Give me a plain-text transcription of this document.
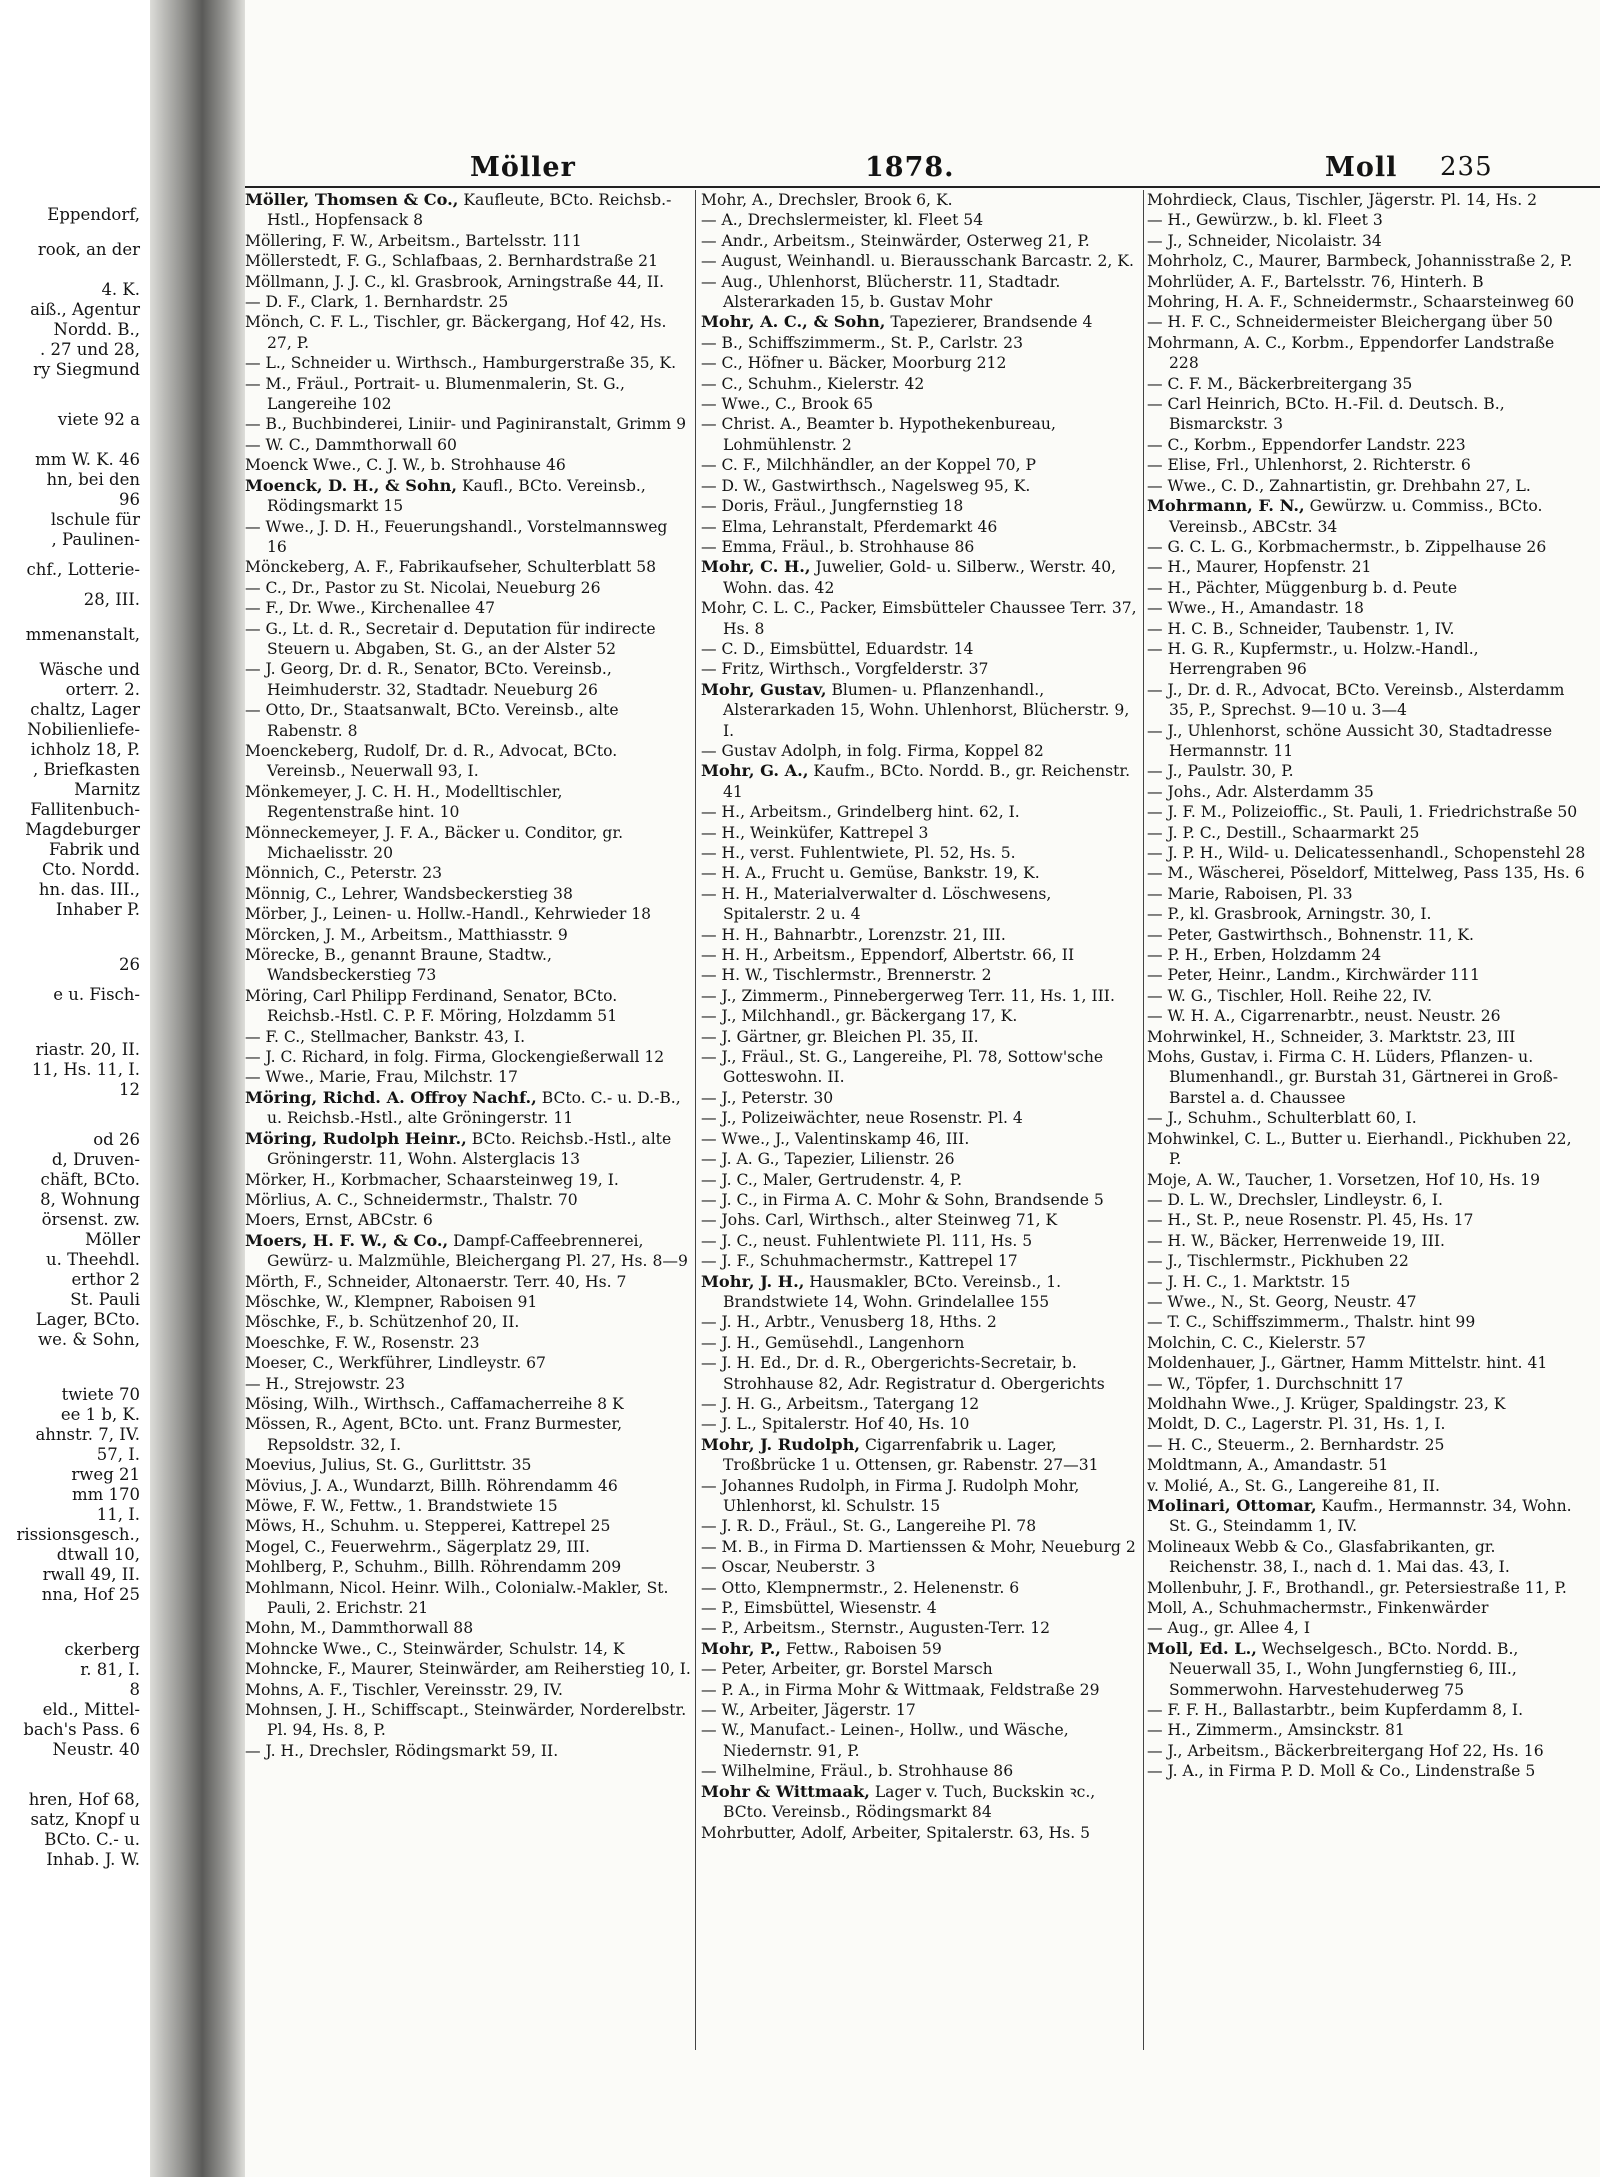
Eppendorf,
rook, an der
4. K.
aiß., Agentur
Nordd. B.,
. 27 und 28,
ry Siegmund
viete 92 a
mm W. K. 46
hn, bei den
96
lschule für
, Paulinen-
chf., Lotterie-
28, III.
mmenanstalt,
Wäsche und
orterr. 2.
chaltz, Lager
Nobilienliefe-
ichholz 18, P.
, Briefkasten
Marnitz
Fallitenbuch-
Magdeburger
Fabrik und
Cto. Nordd.
hn. das. III.,
Inhaber P.
26
e u. Fisch-
riastr. 20, II.
11, Hs. 11, I.
12
od 26
d, Druven-
chäft, BCto.
8, Wohnung
örsenst. zw.
Möller
u. Theehdl.
erthor 2
St. Pauli
Lager, BCto.
we. & Sohn,
twiete 70
ee 1 b, K.
ahnstr. 7, IV.
57, I.
rweg 21
mm 170
11, I.
rissionsgesch.,
dtwall 10,
rwall 49, II.
nna, Hof 25
ckerberg
r. 81, I.
8
eld., Mittel-
bach's Pass. 6
Neustr. 40
hren, Hof 68,
satz, Knopf u
BCto. C.- u.
Inhab. J. W.
Möller	1878.	Moll 235

Möller, Thomsen & Co., Kaufleute, BCto. Reichsb.-Hstl., Hopfensack 8

Möllering, F. W., Arbeitsm., Bartelsstr. 111

Möllerstedt, F. G., Schlafbaas, 2. Bernhardstraße 21

Möllmann, J. J. C., kl. Grasbrook, Arningstraße 44, II.

— D. F., Clark, 1. Bernhardstr. 25

Mönch, C. F. L., Tischler, gr. Bäckergang, Hof 42, Hs. 27, P.

— L., Schneider u. Wirthsch., Hamburgerstraße 35, K.

— M., Fräul., Portrait- u. Blumenmalerin, St. G., Langereihe 102

— B., Buchbinderei, Liniir- und Paginiranstalt, Grimm 9

— W. C., Dammthorwall 60

Moenck Wwe., C. J. W., b. Strohhause 46

Moenck, D. H., & Sohn, Kaufl., BCto. Vereinsb., Rödingsmarkt 15

— Wwe., J. D. H., Feuerungshandl., Vorstelmannsweg 16

Mönckeberg, A. F., Fabrikaufseher, Schulterblatt 58

— C., Dr., Pastor zu St. Nicolai, Neueburg 26

— F., Dr. Wwe., Kirchenallee 47

— G., Lt. d. R., Secretair d. Deputation für indirecte Steuern u. Abgaben, St. G., an der Alster 52

— J. Georg, Dr. d. R., Senator, BCto. Vereinsb., Heimhuderstr. 32, Stadtadr. Neueburg 26

— Otto, Dr., Staatsanwalt, BCto. Vereinsb., alte Rabenstr. 8

Moenckeberg, Rudolf, Dr. d. R., Advocat, BCto. Vereinsb., Neuerwall 93, I.

Mönkemeyer, J. C. H. H., Modelltischler, Regentenstraße hint. 10

Mönneckemeyer, J. F. A., Bäcker u. Conditor, gr. Michaelisstr. 20

Mönnich, C., Peterstr. 23

Mönnig, C., Lehrer, Wandsbeckerstieg 38

Mörber, J., Leinen- u. Hollw.-Handl., Kehrwieder 18

Mörcken, J. M., Arbeitsm., Matthiasstr. 9

Mörecke, B., genannt Braune, Stadtw., Wandsbeckerstieg 73

Möring, Carl Philipp Ferdinand, Senator, BCto. Reichsb.-Hstl. C. P. F. Möring, Holzdamm 51

— F. C., Stellmacher, Bankstr. 43, I.

— J. C. Richard, in folg. Firma, Glockengießerwall 12

— Wwe., Marie, Frau, Milchstr. 17

Möring, Richd. A. Offroy Nachf., BCto. C.- u. D.-B., u. Reichsb.-Hstl., alte Gröningerstr. 11

Möring, Rudolph Heinr., BCto. Reichsb.-Hstl., alte Gröningerstr. 11, Wohn. Alsterglacis 13

Mörker, H., Korbmacher, Schaarsteinweg 19, I.

Mörlius, A. C., Schneidermstr., Thalstr. 70

Moers, Ernst, ABCstr. 6

Moers, H. F. W., & Co., Dampf-Caffeebrennerei, Gewürz- u. Malzmühle, Bleichergang Pl. 27, Hs. 8—9

Mörth, F., Schneider, Altonaerstr. Terr. 40, Hs. 7

Möschke, W., Klempner, Raboisen 91

Möschke, F., b. Schützenhof 20, II.

Moeschke, F. W., Rosenstr. 23

Moeser, C., Werkführer, Lindleystr. 67

— H., Strejowstr. 23

Mösing, Wilh., Wirthsch., Caffamacherreihe 8 K

Mössen, R., Agent, BCto. unt. Franz Burmester, Repsoldstr. 32, I.

Moevius, Julius, St. G., Gurlittstr. 35

Mövius, J. A., Wundarzt, Billh. Röhrendamm 46

Möwe, F. W., Fettw., 1. Brandstwiete 15

Möws, H., Schuhm. u. Stepperei, Kattrepel 25

Mogel, C., Feuerwehrm., Sägerplatz 29, III.

Mohlberg, P., Schuhm., Billh. Röhrendamm 209

Mohlmann, Nicol. Heinr. Wilh., Colonialw.-Makler, St. Pauli, 2. Erichstr. 21

Mohn, M., Dammthorwall 88

Mohncke Wwe., C., Steinwärder, Schulstr. 14, K

Mohncke, F., Maurer, Steinwärder, am Reiherstieg 10, I.

Mohns, A. F., Tischler, Vereinsstr. 29, IV.

Mohnsen, J. H., Schiffscapt., Steinwärder, Norderelbstr. Pl. 94, Hs. 8, P.

— J. H., Drechsler, Rödingsmarkt 59, II.

Mohr, A., Drechsler, Brook 6, K.

— A., Drechslermeister, kl. Fleet 54

— Andr., Arbeitsm., Steinwärder, Osterweg 21, P.

— August, Weinhandl. u. Bierausschank Barcastr. 2, K.

— Aug., Uhlenhorst, Blücherstr. 11, Stadtadr. Alsterarkaden 15, b. Gustav Mohr

Mohr, A. C., & Sohn, Tapezierer, Brandsende 4

— B., Schiffszimmerm., St. P., Carlstr. 23

— C., Höfner u. Bäcker, Moorburg 212

— C., Schuhm., Kielerstr. 42

— Wwe., C., Brook 65

— Christ. A., Beamter b. Hypothekenbureau, Lohmühlenstr. 2

— C. F., Milchhändler, an der Koppel 70, P

— D. W., Gastwirthsch., Nagelsweg 95, K.

— Doris, Fräul., Jungfernstieg 18

— Elma, Lehranstalt, Pferdemarkt 46

— Emma, Fräul., b. Strohhause 86

Mohr, C. H., Juwelier, Gold- u. Silberw., Werstr. 40, Wohn. das. 42

Mohr, C. L. C., Packer, Eimsbütteler Chaussee Terr. 37, Hs. 8

— C. D., Eimsbüttel, Eduardstr. 14

— Fritz, Wirthsch., Vorgfelderstr. 37

Mohr, Gustav, Blumen- u. Pflanzenhandl., Alsterarkaden 15, Wohn. Uhlenhorst, Blücherstr. 9, I.

— Gustav Adolph, in folg. Firma, Koppel 82

Mohr, G. A., Kaufm., BCto. Nordd. B., gr. Reichenstr. 41

— H., Arbeitsm., Grindelberg hint. 62, I.

— H., Weinküfer, Kattrepel 3

— H., verst. Fuhlentwiete, Pl. 52, Hs. 5.

— H. A., Frucht u. Gemüse, Bankstr. 19, K.

— H. H., Materialverwalter d. Löschwesens, Spitalerstr. 2 u. 4

— H. H., Bahnarbtr., Lorenzstr. 21, III.

— H. H., Arbeitsm., Eppendorf, Albertstr. 66, II

— H. W., Tischlermstr., Brennerstr. 2

— J., Zimmerm., Pinnebergerweg Terr. 11, Hs. 1, III.

— J., Milchhandl., gr. Bäckergang 17, K.

— J. Gärtner, gr. Bleichen Pl. 35, II.

— J., Fräul., St. G., Langereihe, Pl. 78, Sottow'sche Gotteswohn. II.

— J., Peterstr. 30

— J., Polizeiwächter, neue Rosenstr. Pl. 4

— Wwe., J., Valentinskamp 46, III.

— J. A. G., Tapezier, Lilienstr. 26

— J. C., Maler, Gertrudenstr. 4, P.

— J. C., in Firma A. C. Mohr & Sohn, Brandsende 5

— Johs. Carl, Wirthsch., alter Steinweg 71, K

— J. C., neust. Fuhlentwiete Pl. 111, Hs. 5

— J. F., Schuhmachermstr., Kattrepel 17

Mohr, J. H., Hausmakler, BCto. Vereinsb., 1. Brandstwiete 14, Wohn. Grindelallee 155

— J. H., Arbtr., Venusberg 18, Hths. 2

— J. H., Gemüsehdl., Langenhorn

— J. H. Ed., Dr. d. R., Obergerichts-Secretair, b. Strohhause 82, Adr. Registratur d. Obergerichts

— J. H. G., Arbeitsm., Tatergang 12

— J. L., Spitalerstr. Hof 40, Hs. 10

Mohr, J. Rudolph, Cigarrenfabrik u. Lager, Troßbrücke 1 u. Ottensen, gr. Rabenstr. 27—31

— Johannes Rudolph, in Firma J. Rudolph Mohr, Uhlenhorst, kl. Schulstr. 15

— J. R. D., Fräul., St. G., Langereihe Pl. 78

— M. B., in Firma D. Martienssen & Mohr, Neueburg 2

— Oscar, Neuberstr. 3

— Otto, Klempnermstr., 2. Helenenstr. 6

— P., Eimsbüttel, Wiesenstr. 4

— P., Arbeitsm., Sternstr., Augusten-Terr. 12

Mohr, P., Fettw., Raboisen 59

— Peter, Arbeiter, gr. Borstel Marsch

— P. A., in Firma Mohr & Wittmaak, Feldstraße 29

— W., Arbeiter, Jägerstr. 17

— W., Manufact.- Leinen-, Hollw., und Wäsche, Niedernstr. 91, P.

— Wilhelmine, Fräul., b. Strohhause 86

Mohr & Wittmaak, Lager v. Tuch, Buckskin ꝛc., BCto. Vereinsb., Rödingsmarkt 84

Mohrbutter, Adolf, Arbeiter, Spitalerstr. 63, Hs. 5

Mohrdieck, Claus, Tischler, Jägerstr. Pl. 14, Hs. 2

— H., Gewürzw., b. kl. Fleet 3

— J., Schneider, Nicolaistr. 34

Mohrholz, C., Maurer, Barmbeck, Johannisstraße 2, P.

Mohrlüder, A. F., Bartelsstr. 76, Hinterh. B

Mohring, H. A. F., Schneidermstr., Schaarsteinweg 60

— H. F. C., Schneidermeister Bleichergang über 50

Mohrmann, A. C., Korbm., Eppendorfer Landstraße 228

— C. F. M., Bäckerbreitergang 35

— Carl Heinrich, BCto. H.-Fil. d. Deutsch. B., Bismarckstr. 3

— C., Korbm., Eppendorfer Landstr. 223

— Elise, Frl., Uhlenhorst, 2. Richterstr. 6

— Wwe., C. D., Zahnartistin, gr. Drehbahn 27, L.

Mohrmann, F. N., Gewürzw. u. Commiss., BCto. Vereinsb., ABCstr. 34

— G. C. L. G., Korbmachermstr., b. Zippelhause 26

— H., Maurer, Hopfenstr. 21

— H., Pächter, Müggenburg b. d. Peute

— Wwe., H., Amandastr. 18

— H. C. B., Schneider, Taubenstr. 1, IV.

— H. G. R., Kupfermstr., u. Holzw.-Handl., Herrengraben 96

— J., Dr. d. R., Advocat, BCto. Vereinsb., Alsterdamm 35, P., Sprechst. 9—10 u. 3—4

— J., Uhlenhorst, schöne Aussicht 30, Stadtadresse Hermannstr. 11

— J., Paulstr. 30, P.

— Johs., Adr. Alsterdamm 35

— J. F. M., Polizeioffic., St. Pauli, 1. Friedrichstraße 50

— J. P. C., Destill., Schaarmarkt 25

— J. P. H., Wild- u. Delicatessenhandl., Schopenstehl 28

— M., Wäscherei, Pöseldorf, Mittelweg, Pass 135, Hs. 6

— Marie, Raboisen, Pl. 33

— P., kl. Grasbrook, Arningstr. 30, I.

— Peter, Gastwirthsch., Bohnenstr. 11, K.

— P. H., Erben, Holzdamm 24

— Peter, Heinr., Landm., Kirchwärder 111

— W. G., Tischler, Holl. Reihe 22, IV.

— W. H. A., Cigarrenarbtr., neust. Neustr. 26

Mohrwinkel, H., Schneider, 3. Marktstr. 23, III

Mohs, Gustav, i. Firma C. H. Lüders, Pflanzen- u. Blumenhandl., gr. Burstah 31, Gärtnerei in Groß-Barstel a. d. Chaussee

— J., Schuhm., Schulterblatt 60, I.

Mohwinkel, C. L., Butter u. Eierhandl., Pickhuben 22, P.

Moje, A. W., Taucher, 1. Vorsetzen, Hof 10, Hs. 19

— D. L. W., Drechsler, Lindleystr. 6, I.

— H., St. P., neue Rosenstr. Pl. 45, Hs. 17

— H. W., Bäcker, Herrenweide 19, III.

— J., Tischlermstr., Pickhuben 22

— J. H. C., 1. Marktstr. 15

— Wwe., N., St. Georg, Neustr. 47

— T. C., Schiffszimmerm., Thalstr. hint 99

Molchin, C. C., Kielerstr. 57

Moldenhauer, J., Gärtner, Hamm Mittelstr. hint. 41

— W., Töpfer, 1. Durchschnitt 17

Moldhahn Wwe., J. Krüger, Spaldingstr. 23, K

Moldt, D. C., Lagerstr. Pl. 31, Hs. 1, I.

— H. C., Steuerm., 2. Bernhardstr. 25

Moldtmann, A., Amandastr. 51

v. Molié, A., St. G., Langereihe 81, II.

Molinari, Ottomar, Kaufm., Hermannstr. 34, Wohn. St. G., Steindamm 1, IV.

Molineaux Webb & Co., Glasfabrikanten, gr. Reichenstr. 38, I., nach d. 1. Mai das. 43, I.

Mollenbuhr, J. F., Brothandl., gr. Petersiestraße 11, P.

Moll, A., Schuhmachermstr., Finkenwärder

— Aug., gr. Allee 4, I

Moll, Ed. L., Wechselgesch., BCto. Nordd. B., Neuerwall 35, I., Wohn Jungfernstieg 6, III., Sommerwohn. Harvestehuderweg 75

— F. F. H., Ballastarbtr., beim Kupferdamm 8, I.

— H., Zimmerm., Amsinckstr. 81

— J., Arbeitsm., Bäckerbreitergang Hof 22, Hs. 16

— J. A., in Firma P. D. Moll & Co., Lindenstraße 5
